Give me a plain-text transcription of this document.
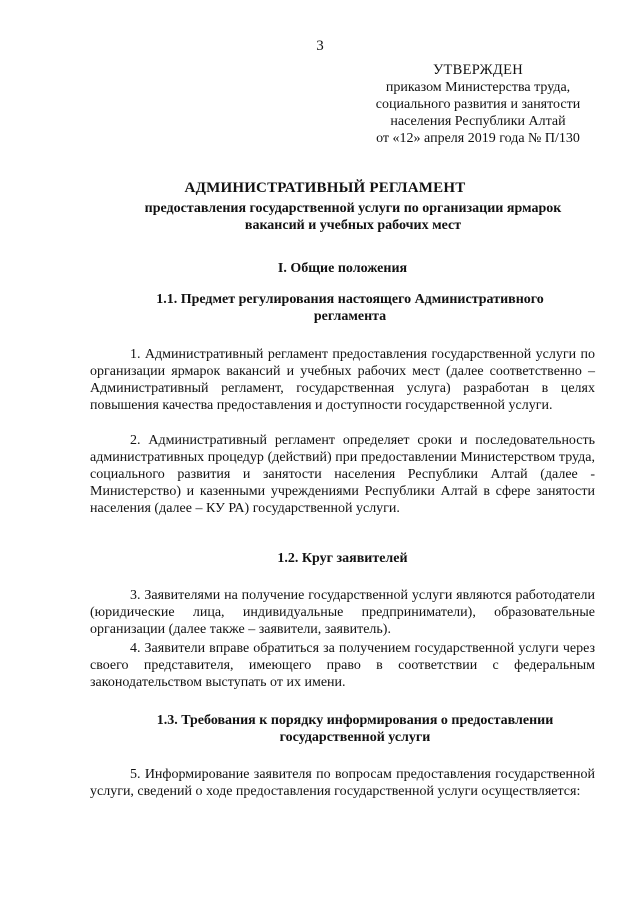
3
УТВЕРЖДЕН
приказом Министерства труда,
социального развития и занятости
населения Республики Алтай
от «12» апреля 2019 года № П/130
АДМИНИСТРАТИВНЫЙ РЕГЛАМЕНТ
предоставления государственной услуги по организации ярмарок вакансий и учебных рабочих мест
I. Общие положения
1.1. Предмет регулирования настоящего Административного регламента

1. Административный регламент предоставления государственной услуги по организации ярмарок вакансий и учебных рабочих мест (далее соответственно – Административный регламент, государственная услуга) разработан в целях повышения качества предоставления и доступности государственной услуги.

2. Административный регламент определяет сроки и последовательность административных процедур (действий) при предоставлении Министерством труда, социального развития и занятости населения Республики Алтай (далее - Министерство) и казенными учреждениями Республики Алтай в сфере занятости населения (далее – КУ РА) государственной услуги.

1.2. Круг заявителей

3. Заявителями на получение государственной услуги являются работодатели (юридические лица, индивидуальные предприниматели), образовательные организации (далее также – заявители, заявитель).

4. Заявители вправе обратиться за получением государственной услуги через своего представителя, имеющего право в соответствии с федеральным законодательством выступать от их имени.

1.3. Требования к порядку информирования о предоставлении государственной услуги

5. Информирование заявителя по вопросам предоставления государственной услуги, сведений о ходе предоставления государственной услуги осуществляется:
